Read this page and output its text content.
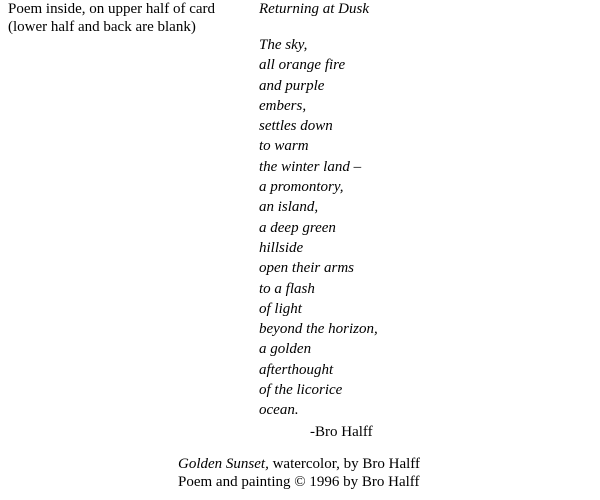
Poem inside, on upper half of card
(lower half and back are blank)
Returning at Dusk
The sky,
all orange fire
and purple
embers,
settles down
to warm
the winter land –
a promontory,
an island,
a deep green
hillside
open their arms
to a flash
of light
beyond the horizon,
a golden
afterthought
of the licorice
ocean.
-Bro Halff
Golden Sunset, watercolor, by Bro Halff
Poem and painting © 1996 by Bro Halff
